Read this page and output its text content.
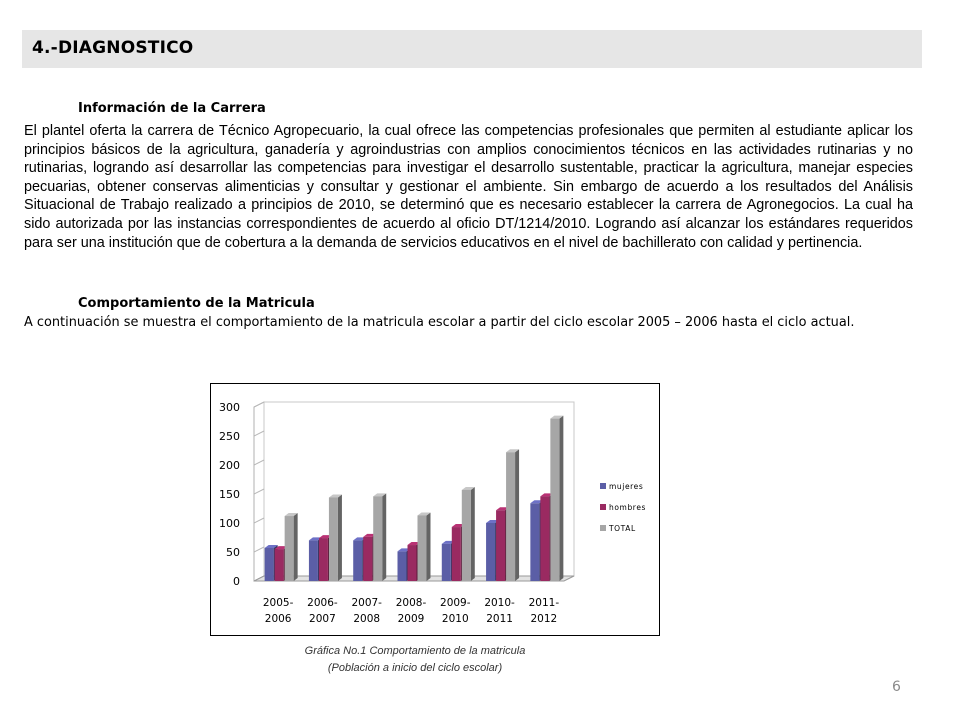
4.-DIAGNOSTICO
Información de la Carrera
El plantel oferta la carrera de Técnico Agropecuario, la cual ofrece las competencias profesionales que permiten al estudiante aplicar los principios básicos de la agricultura, ganadería y agroindustrias con amplios conocimientos técnicos en las actividades rutinarias y no rutinarias, logrando así desarrollar las competencias para investigar el desarrollo sustentable, practicar la agricultura, manejar especies pecuarias, obtener conservas alimenticias y consultar y gestionar el ambiente. Sin embargo de acuerdo a los resultados del Análisis Situacional de Trabajo realizado a principios de 2010, se determinó que es necesario establecer la carrera de Agronegocios. La cual ha sido autorizada por las instancias correspondientes de acuerdo al oficio DT/1214/2010. Logrando así alcanzar los estándares requeridos para ser una institución que de cobertura a la demanda de servicios educativos en el nivel de bachillerato con calidad y pertinencia.
Comportamiento de la Matricula
A continuación se muestra el comportamiento de la matricula escolar a partir del ciclo escolar 2005 – 2006 hasta el ciclo actual.
0
50
100
150
200
250
300
2005-
2006
2006-
2007
2007-
2008
2008-
2009
2009-
2010
2010-
2011
2011-
2012
mujeres
hombres
TOTAL
Gráfica No.1 Comportamiento de la matricula
(Población a inicio del ciclo escolar)
6
